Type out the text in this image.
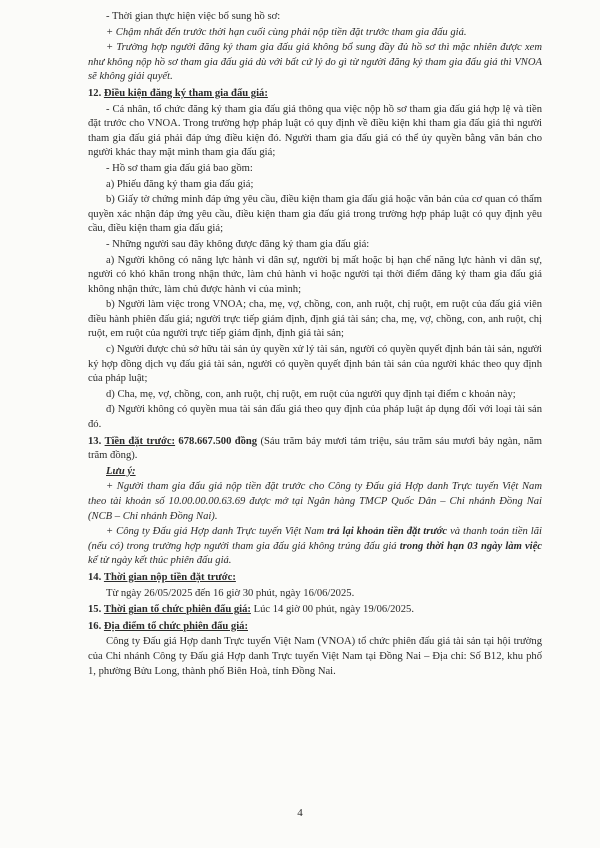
- Thời gian thực hiện việc bổ sung hồ sơ:

+ Chậm nhất đến trước thời hạn cuối cùng phải nộp tiền đặt trước tham gia đấu giá.

+ Trường hợp người đăng ký tham gia đấu giá không bổ sung đầy đủ hồ sơ thì mặc nhiên được xem như không nộp hồ sơ tham gia đấu giá dù với bất cứ lý do gì từ người đăng ký tham gia đấu giá thì VNOA sẽ không giải quyết.

12. Điều kiện đăng ký tham gia đấu giá:

- Cá nhân, tổ chức đăng ký tham gia đấu giá thông qua việc nộp hồ sơ tham gia đấu giá hợp lệ và tiền đặt trước cho VNOA. Trong trường hợp pháp luật có quy định về điều kiện khi tham gia đấu giá thì người tham gia đấu giá phải đáp ứng điều kiện đó. Người tham gia đấu giá có thể ủy quyền bằng văn bản cho người khác thay mặt mình tham gia đấu giá;

- Hồ sơ tham gia đấu giá bao gồm:

a) Phiếu đăng ký tham gia đấu giá;

b) Giấy tờ chứng minh đáp ứng yêu cầu, điều kiện tham gia đấu giá hoặc văn bản của cơ quan có thẩm quyền xác nhận đáp ứng yêu cầu, điều kiện tham gia đấu giá trong trường hợp pháp luật có quy định yêu cầu, điều kiện tham gia đấu giá;

- Những người sau đây không được đăng ký tham gia đấu giá:

a) Người không có năng lực hành vi dân sự, người bị mất hoặc bị hạn chế năng lực hành vi dân sự, người có khó khăn trong nhận thức, làm chủ hành vi hoặc người tại thời điểm đăng ký tham gia đấu giá không nhận thức, làm chủ được hành vi của mình;

b) Người làm việc trong VNOA; cha, mẹ, vợ, chồng, con, anh ruột, chị ruột, em ruột của đấu giá viên điều hành phiên đấu giá; người trực tiếp giám định, định giá tài sản; cha, mẹ, vợ, chồng, con, anh ruột, chị ruột, em ruột của người trực tiếp giám định, định giá tài sản;

c) Người được chủ sở hữu tài sản ủy quyền xử lý tài sản, người có quyền quyết định bán tài sản, người ký hợp đồng dịch vụ đấu giá tài sản, người có quyền quyết định bán tài sản của người khác theo quy định của pháp luật;

d) Cha, mẹ, vợ, chồng, con, anh ruột, chị ruột, em ruột của người quy định tại điểm c khoản này;

đ) Người không có quyền mua tài sản đấu giá theo quy định của pháp luật áp dụng đối với loại tài sản đó.

13. Tiền đặt trước: 678.667.500 đồng (Sáu trăm bảy mươi tám triệu, sáu trăm sáu mươi bảy ngàn, năm trăm đồng).

Lưu ý:

+ Người tham gia đấu giá nộp tiền đặt trước cho Công ty Đấu giá Hợp danh Trực tuyến Việt Nam theo tài khoản số 10.00.00.00.63.69 được mở tại Ngân hàng TMCP Quốc Dân – Chi nhánh Đồng Nai (NCB – Chi nhánh Đồng Nai).

+ Công ty Đấu giá Hợp danh Trực tuyến Việt Nam trả lại khoản tiền đặt trước và thanh toán tiền lãi (nếu có) trong trường hợp người tham gia đấu giá không trúng đấu giá trong thời hạn 03 ngày làm việc kể từ ngày kết thúc phiên đấu giá.

14. Thời gian nộp tiền đặt trước:

Từ ngày 26/05/2025 đến 16 giờ 30 phút, ngày 16/06/2025.

15. Thời gian tổ chức phiên đấu giá: Lúc 14 giờ 00 phút, ngày 19/06/2025.

16. Địa điểm tổ chức phiên đấu giá:

Công ty Đấu giá Hợp danh Trực tuyến Việt Nam (VNOA) tổ chức phiên đấu giá tài sản tại hội trường của Chi nhánh Công ty Đấu giá Hợp danh Trực tuyến Việt Nam tại Đồng Nai – Địa chỉ: Số B12, khu phố 1, phường Bửu Long, thành phố Biên Hoà, tỉnh Đồng Nai.

4
